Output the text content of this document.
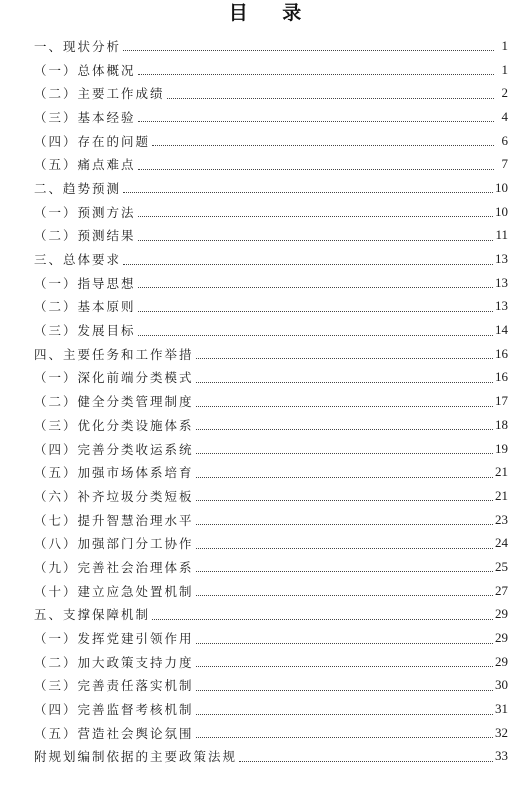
目 录
一、现状分析	1
（一）总体概况	1
（二）主要工作成绩	2
（三）基本经验	4
（四）存在的问题	6
（五）痛点难点	7
二、趋势预测	10
（一）预测方法	10
（二）预测结果	11
三、总体要求	13
（一）指导思想	13
（二）基本原则	13
（三）发展目标	14
四、主要任务和工作举措	16
（一）深化前端分类模式	16
（二）健全分类管理制度	17
（三）优化分类设施体系	18
（四）完善分类收运系统	19
（五）加强市场体系培育	21
（六）补齐垃圾分类短板	21
（七）提升智慧治理水平	23
（八）加强部门分工协作	24
（九）完善社会治理体系	25
（十）建立应急处置机制	27
五、支撑保障机制	29
（一）发挥党建引领作用	29
（二）加大政策支持力度	29
（三）完善责任落实机制	30
（四）完善监督考核机制	31
（五）营造社会舆论氛围	32
附规划编制依据的主要政策法规	33
